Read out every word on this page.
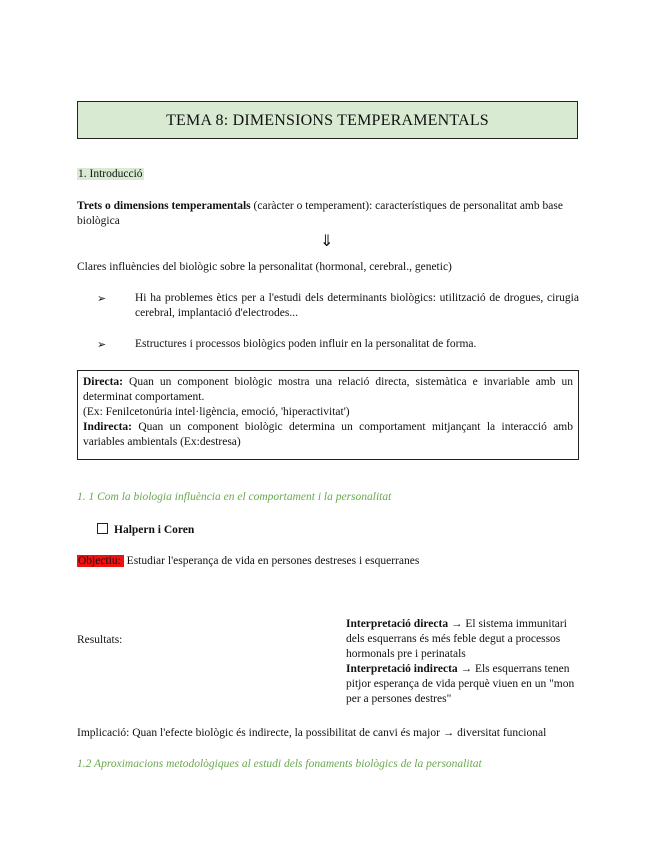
TEMA 8: DIMENSIONS TEMPERAMENTALS
1. Introducció
Trets o dimensions temperamentals (caràcter o temperament): característiques de personalitat amb base biològica
⇓
Clares influències del biològic sobre la personalitat (hormonal, cerebral., genetic)
➢	Hi ha problemes ètics per a l'estudi dels determinants biològics: utilització de drogues, cirugia cerebral, implantació d'electrodes...
➢	Estructures i processos biològics poden influir en la personalitat de forma.
Directa: Quan un component biològic mostra una relació directa, sistemàtica e invariable amb un determinat comportament.
(Ex: Fenilcetonúria intel·ligència, emoció, 'hiperactivitat')
Indirecta: Quan un component biològic determina un comportament mitjançant la interacció amb variables ambientals (Ex:destresa)
1. 1 Com la biologia influència en el comportament i la personalitat
Halpern i Coren
Objectiu: Estudiar l'esperança de vida en persones destreses i esquerranes
Resultats:
Interpretació directa → El sistema immunitari dels esquerrans és més feble degut a processos hormonals pre i perinatals
Interpretació indirecta → Els esquerrans tenen pitjor esperança de vida perquè viuen en un "mon per a persones destres"
Implicació: Quan l'efecte biològic és indirecte, la possibilitat de canvi és major → diversitat funcional
1.2 Aproximacions metodològiques al estudi dels fonaments biològics de la personalitat
